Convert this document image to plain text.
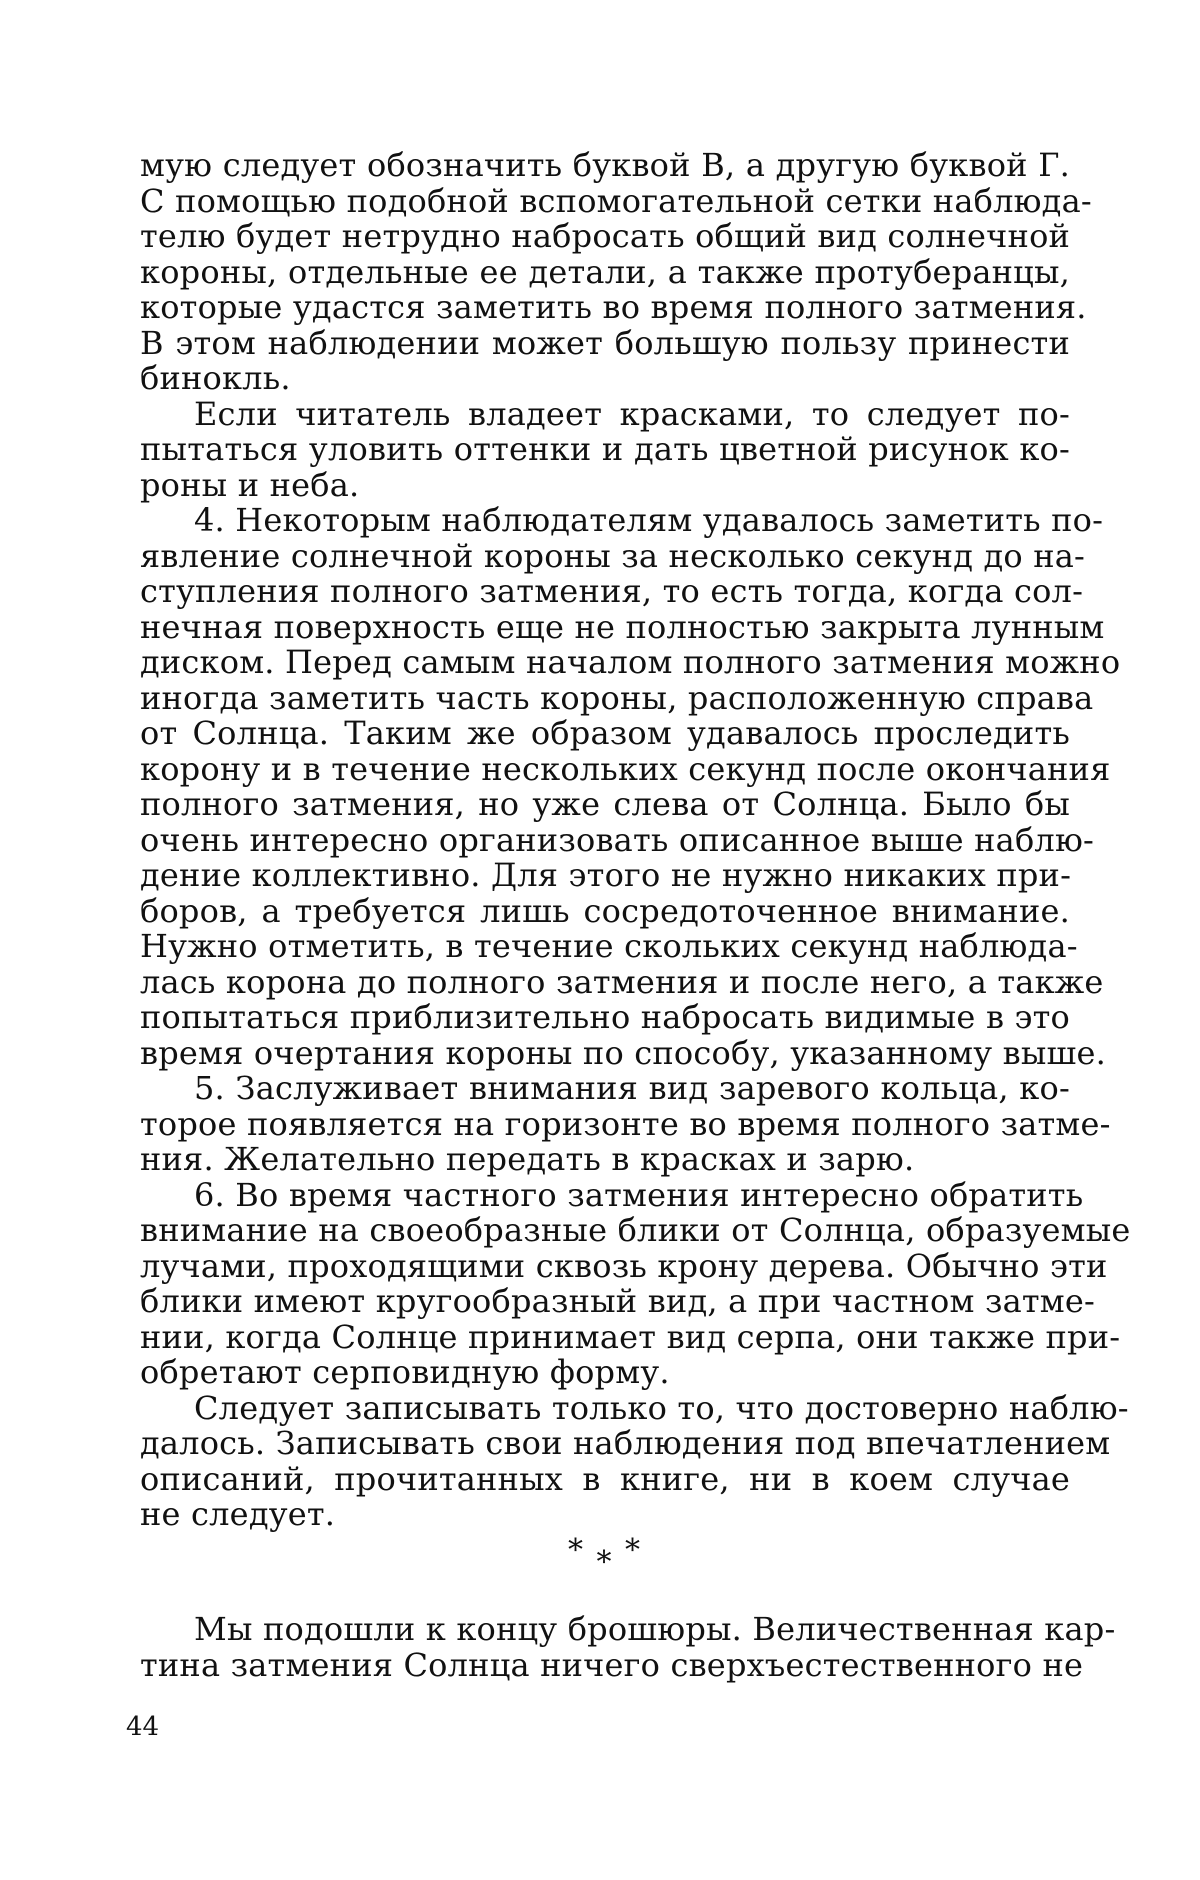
мую следует обозначить буквой В, а другую буквой Г.
С помощью подобной вспомогательной сетки наблюда-
телю будет нетрудно набросать общий вид солнечной
короны, отдельные ее детали, а также протуберанцы,
которые удастся заметить во время полного затмения.
В этом наблюдении может большую пользу принести
бинокль.
Если читатель владеет красками, то следует по-
пытаться уловить оттенки и дать цветной рисунок ко-
роны и неба.
4. Некоторым наблюдателям удавалось заметить по-
явление солнечной короны за несколько секунд до на-
ступления полного затмения, то есть тогда, когда сол-
нечная поверхность еще не полностью закрыта лунным
диском. Перед самым началом полного затмения можно
иногда заметить часть короны, расположенную справа
от Солнца. Таким же образом удавалось проследить
корону и в течение нескольких секунд после окончания
полного затмения, но уже слева от Солнца. Было бы
очень интересно организовать описанное выше наблю-
дение коллективно. Для этого не нужно никаких при-
боров, а требуется лишь сосредоточенное внимание.
Нужно отметить, в течение скольких секунд наблюда-
лась корона до полного затмения и после него, а также
попытаться приблизительно набросать видимые в это
время очертания короны по способу, указанному выше.
5. Заслуживает внимания вид заревого кольца, ко-
торое появляется на горизонте во время полного затме-
ния. Желательно передать в красках и зарю.
6. Во время частного затмения интересно обратить
внимание на своеобразные блики от Солнца, образуемые
лучами, проходящими сквозь крону дерева. Обычно эти
блики имеют кругообразный вид, а при частном затме-
нии, когда Солнце принимает вид серпа, они также при-
обретают серповидную форму.
Следует записывать только то, что достоверно наблю-
далось. Записывать свои наблюдения под впечатлением
описаний, прочитанных в книге, ни в коем случае
не следует.
* * *
Мы подошли к концу брошюры. Величественная кар-
тина затмения Солнца ничего сверхъестественного не
44
